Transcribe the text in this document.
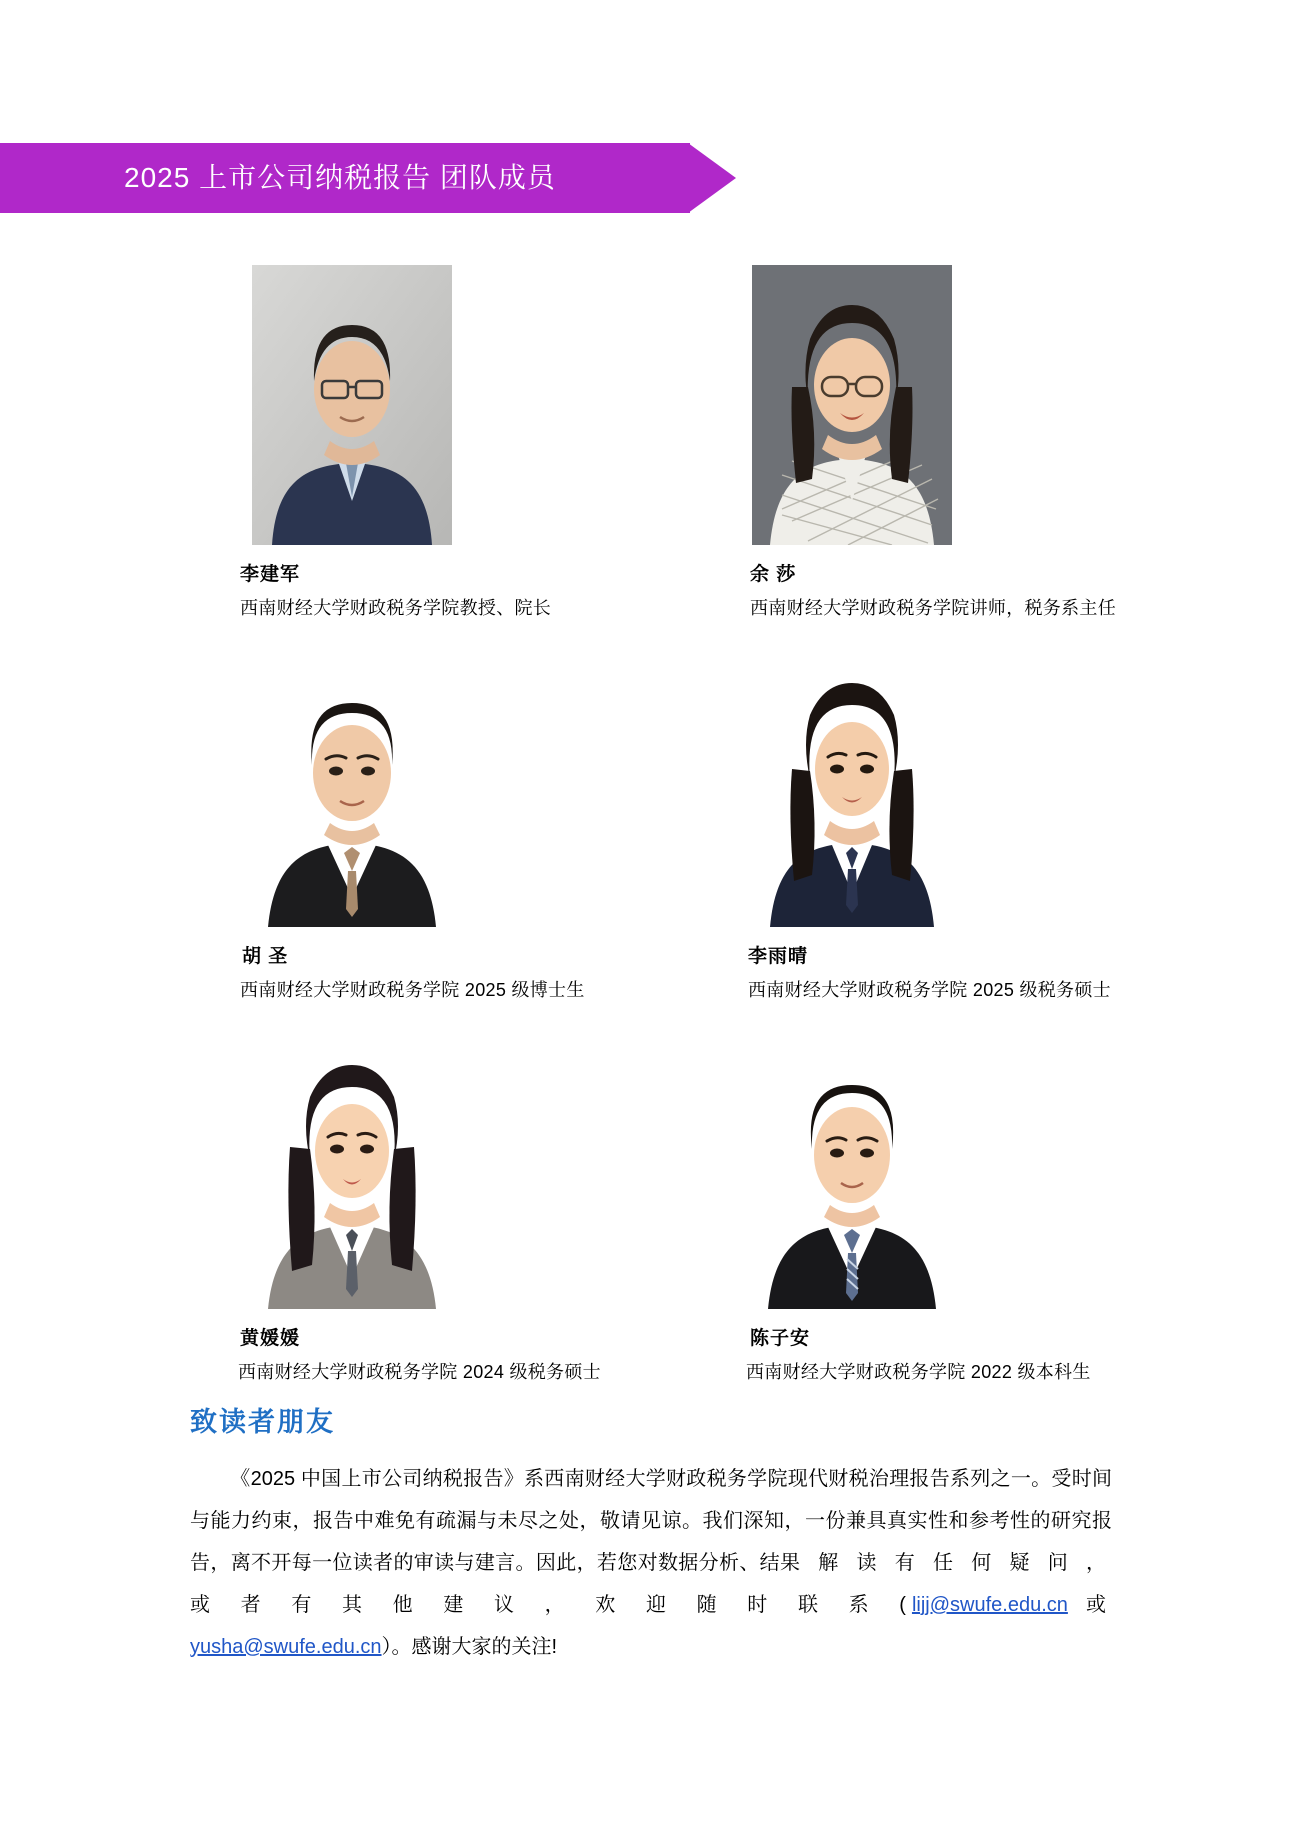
2025 上市公司纳税报告 团队成员
李建军
西南财经大学财政税务学院教授、院长
余 莎
西南财经大学财政税务学院讲师，税务系主任
胡 圣
西南财经大学财政税务学院 2025 级博士生
李雨晴
西南财经大学财政税务学院 2025 级税务硕士
黄媛媛
西南财经大学财政税务学院 2024 级税务硕士
陈子安
西南财经大学财政税务学院 2022 级本科生
致读者朋友
《2025 中国上市公司纳税报告》系西南财经大学财政税务学院现代财税治理报告系列之一。受时间与能力约束，报告中难免有疏漏与未尽之处，敬请见谅。我们深知，一份兼具真实性和参考性的研究报告，离不开每一位读者的审读与建言。因此，若您对数据分析、结果 解 读 有 任 何 疑 问 ， 或 者 有 其 他 建 议 ， 欢 迎 随 时 联 系 (lijj@swufe.edu.cn 或yusha@swufe.edu.cn）。感谢大家的关注!
